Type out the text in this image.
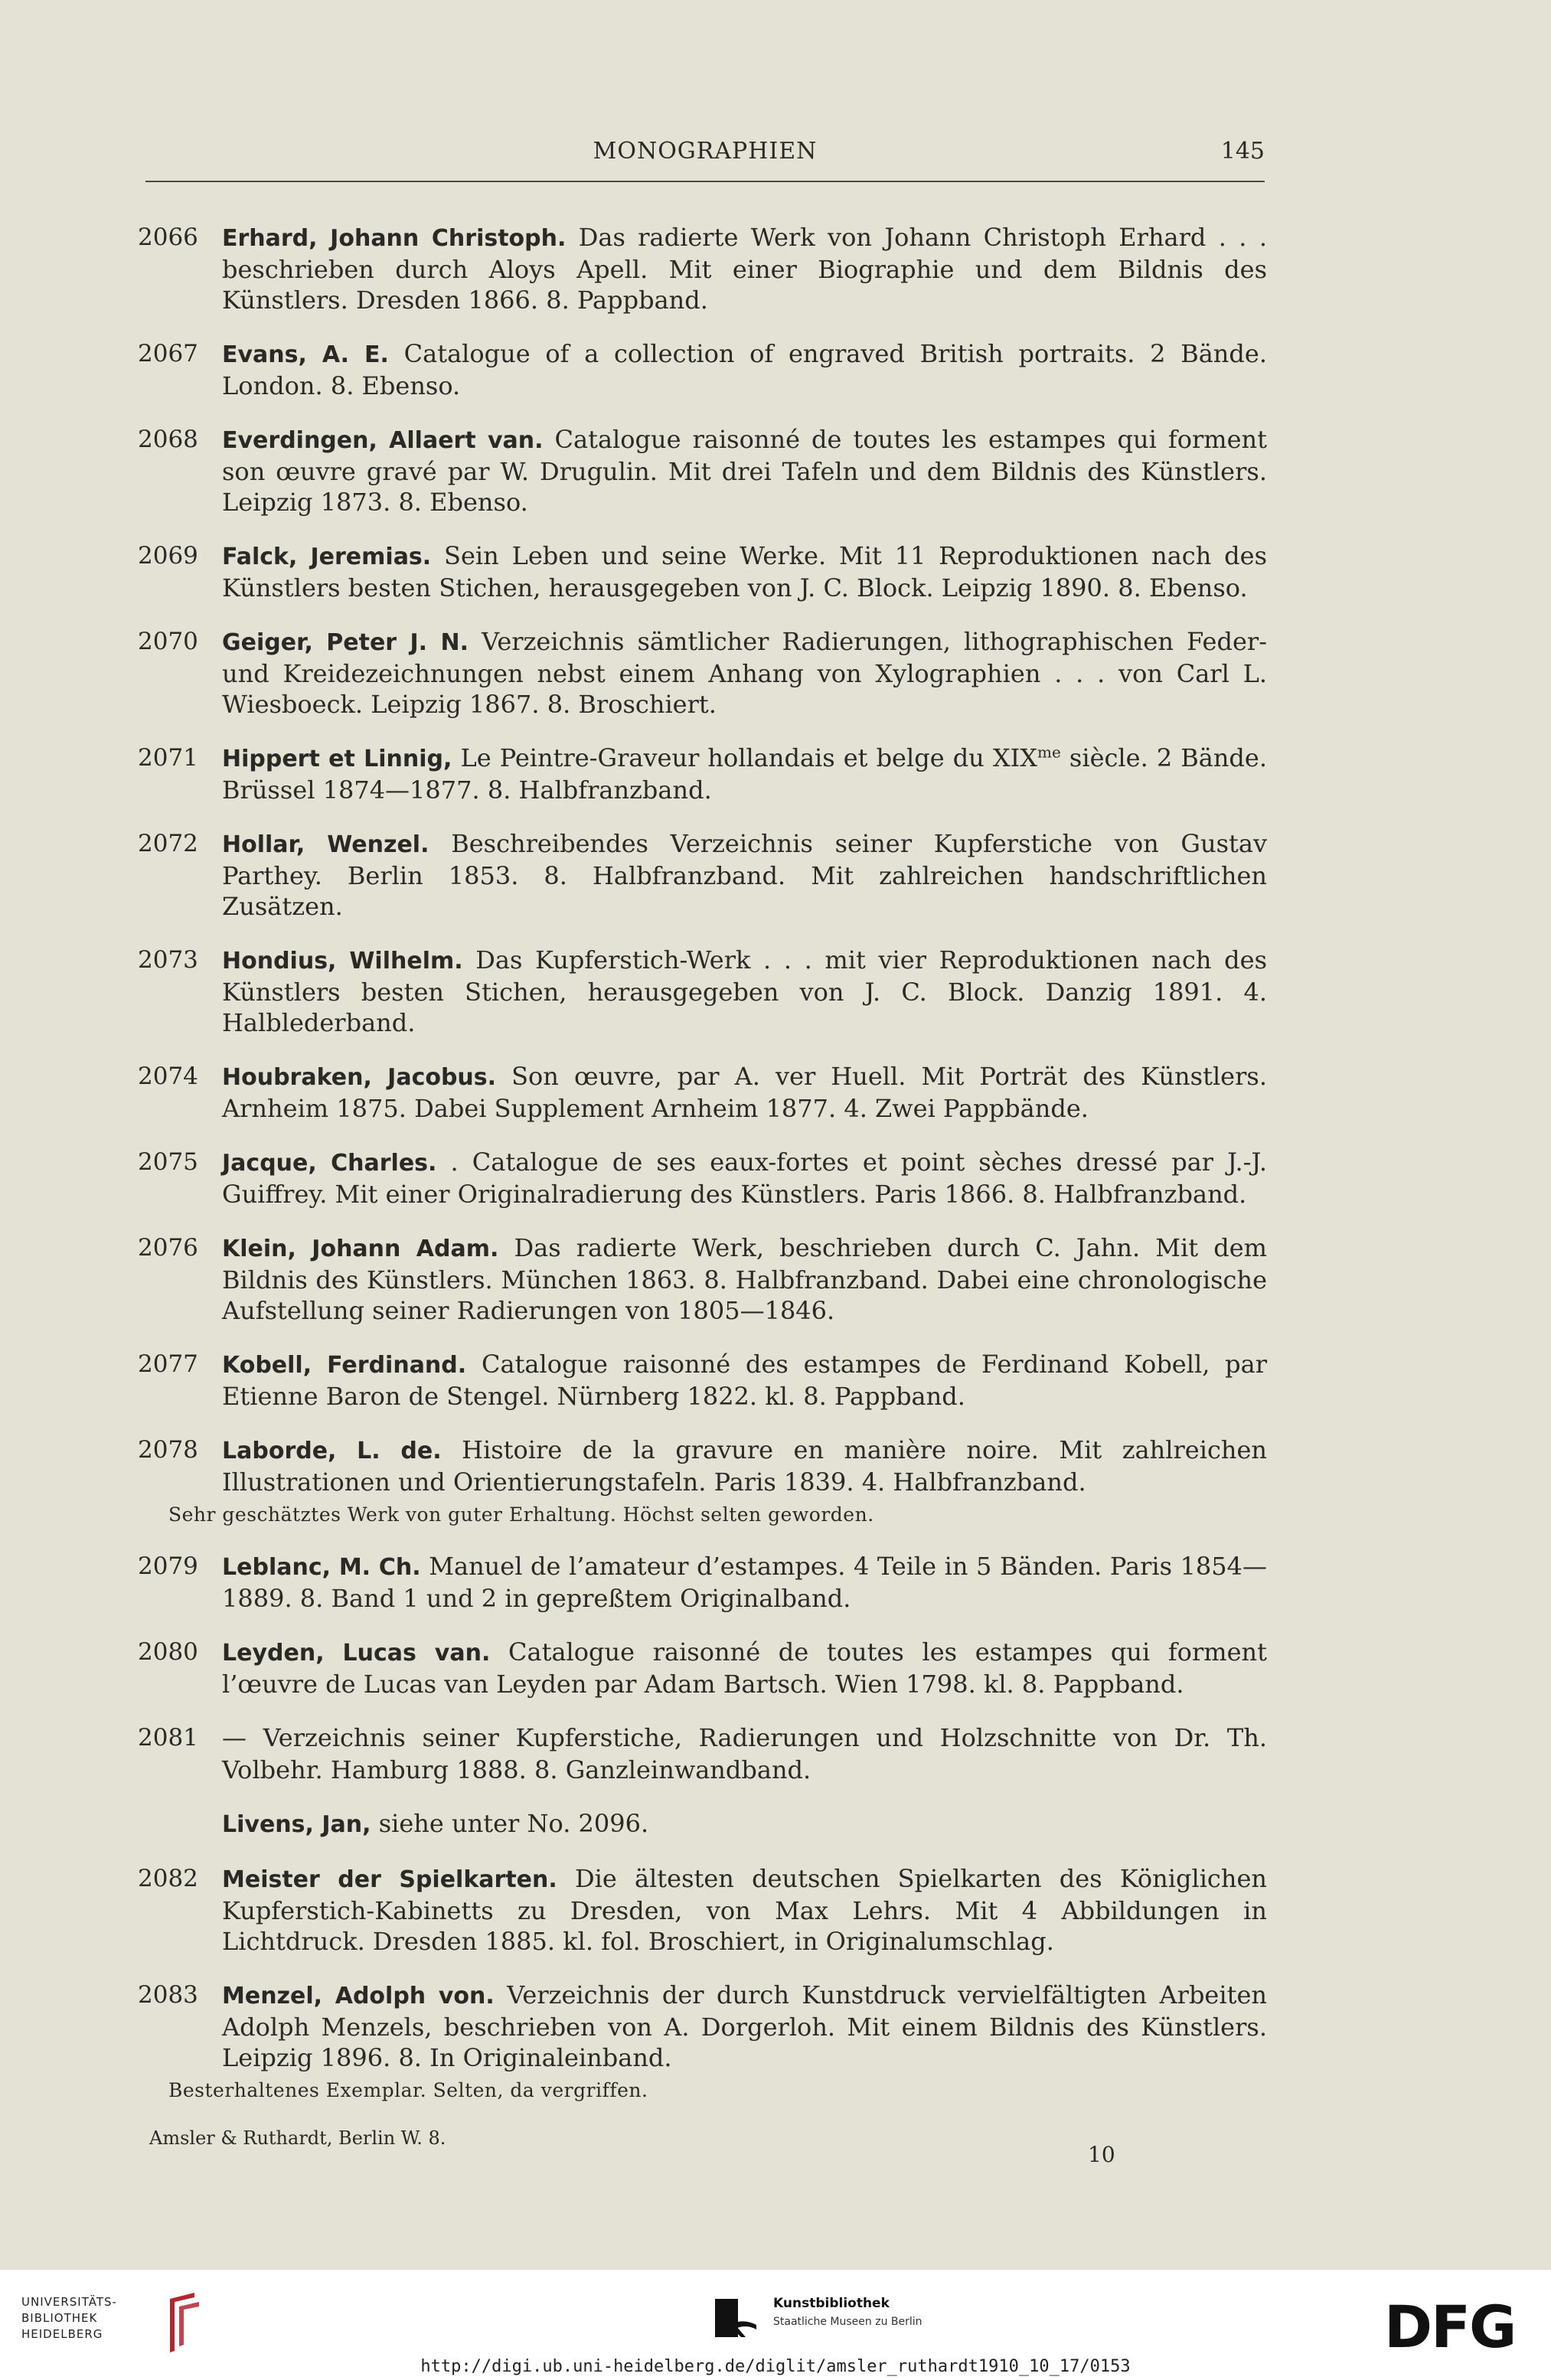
MONOGRAPHIEN	145
2066 Erhard, Johann Christoph. Das radierte Werk von Johann Christoph Erhard . . . beschrieben durch Aloys Apell. Mit einer Biographie und dem Bildnis des Künstlers. Dresden 1866. 8. Pappband.
2067 Evans, A. E. Catalogue of a collection of engraved British portraits. 2 Bände. London. 8. Ebenso.
2068 Everdingen, Allaert van. Catalogue raisonné de toutes les estampes qui forment son œuvre gravé par W. Drugulin. Mit drei Tafeln und dem Bildnis des Künstlers. Leipzig 1873. 8. Ebenso.
2069 Falck, Jeremias. Sein Leben und seine Werke. Mit 11 Reproduktionen nach des Künstlers besten Stichen, herausgegeben von J. C. Block. Leipzig 1890. 8. Ebenso.
2070 Geiger, Peter J. N. Verzeichnis sämtlicher Radierungen, lithographischen Feder- und Kreidezeichnungen nebst einem Anhang von Xylographien . . . von Carl L. Wiesboeck. Leipzig 1867. 8. Broschiert.
2071 Hippert et Linnig, Le Peintre-Graveur hollandais et belge du $XIX^{me}$ siècle. 2 Bände. Brüssel 1874—1877. 8. Halbfranzband.
2072 Hollar, Wenzel. Beschreibendes Verzeichnis seiner Kupferstiche von Gustav Parthey. Berlin 1853. 8. Halbfranzband. Mit zahlreichen handschriftlichen Zusätzen.
2073 Hondius, Wilhelm. Das Kupferstich-Werk . . . mit vier Reproduktionen nach des Künstlers besten Stichen, herausgegeben von J. C. Block. Danzig 1891. 4. Halblederband.
2074 Houbraken, Jacobus. Son œuvre, par A. ver Huell. Mit Porträt des Künstlers. Arnheim 1875. Dabei Supplement Arnheim 1877. 4. Zwei Pappbände.
2075 Jacque, Charles. . Catalogue de ses eaux-fortes et point sèches dressé par J.-J. Guiffrey. Mit einer Originalradierung des Künstlers. Paris 1866. 8. Halbfranzband.
2076 Klein, Johann Adam. Das radierte Werk, beschrieben durch C. Jahn. Mit dem Bildnis des Künstlers. München 1863. 8. Halbfranzband. Dabei eine chronologische Aufstellung seiner Radierungen von 1805—1846.
2077 Kobell, Ferdinand. Catalogue raisonné des estampes de Ferdinand Kobell, par Etienne Baron de Stengel. Nürnberg 1822. kl. 8. Pappband.
2078 Laborde, L. de. Histoire de la gravure en manière noire. Mit zahlreichen Illustrationen und Orientierungstafeln. Paris 1839. 4. Halbfranzband.
Sehr geschätztes Werk von guter Erhaltung. Höchst selten geworden.
2079 Leblanc, M. Ch. Manuel de l’amateur d’estampes. 4 Teile in 5 Bänden. Paris 1854—1889. 8. Band 1 und 2 in gepreßtem Originalband.
2080 Leyden, Lucas van. Catalogue raisonné de toutes les estampes qui forment l’œuvre de Lucas van Leyden par Adam Bartsch. Wien 1798. kl. 8. Pappband.
2081 — Verzeichnis seiner Kupferstiche, Radierungen und Holzschnitte von Dr. Th. Volbehr. Hamburg 1888. 8. Ganzleinwandband.
Livens, Jan, siehe unter No. 2096.
2082 Meister der Spielkarten. Die ältesten deutschen Spielkarten des Königlichen Kupferstich-Kabinetts zu Dresden, von Max Lehrs. Mit 4 Abbildungen in Lichtdruck. Dresden 1885. kl. fol. Broschiert, in Originalumschlag.
2083 Menzel, Adolph von. Verzeichnis der durch Kunstdruck vervielfältigten Arbeiten Adolph Menzels, beschrieben von A. Dorgerloh. Mit einem Bildnis des Künstlers. Leipzig 1896. 8. In Originaleinband.
Besterhaltenes Exemplar. Selten, da vergriffen.
Amsler & Ruthardt, Berlin W. 8.
10
UNIVERSITÄTS-
BIBLIOTHEK
HEIDELBERG
Kunstbibliothek
Staatliche Museen zu Berlin	DFG
http://digi.ub.uni-heidelberg.de/diglit/amsler_ruthardt1910_10_17/0153
